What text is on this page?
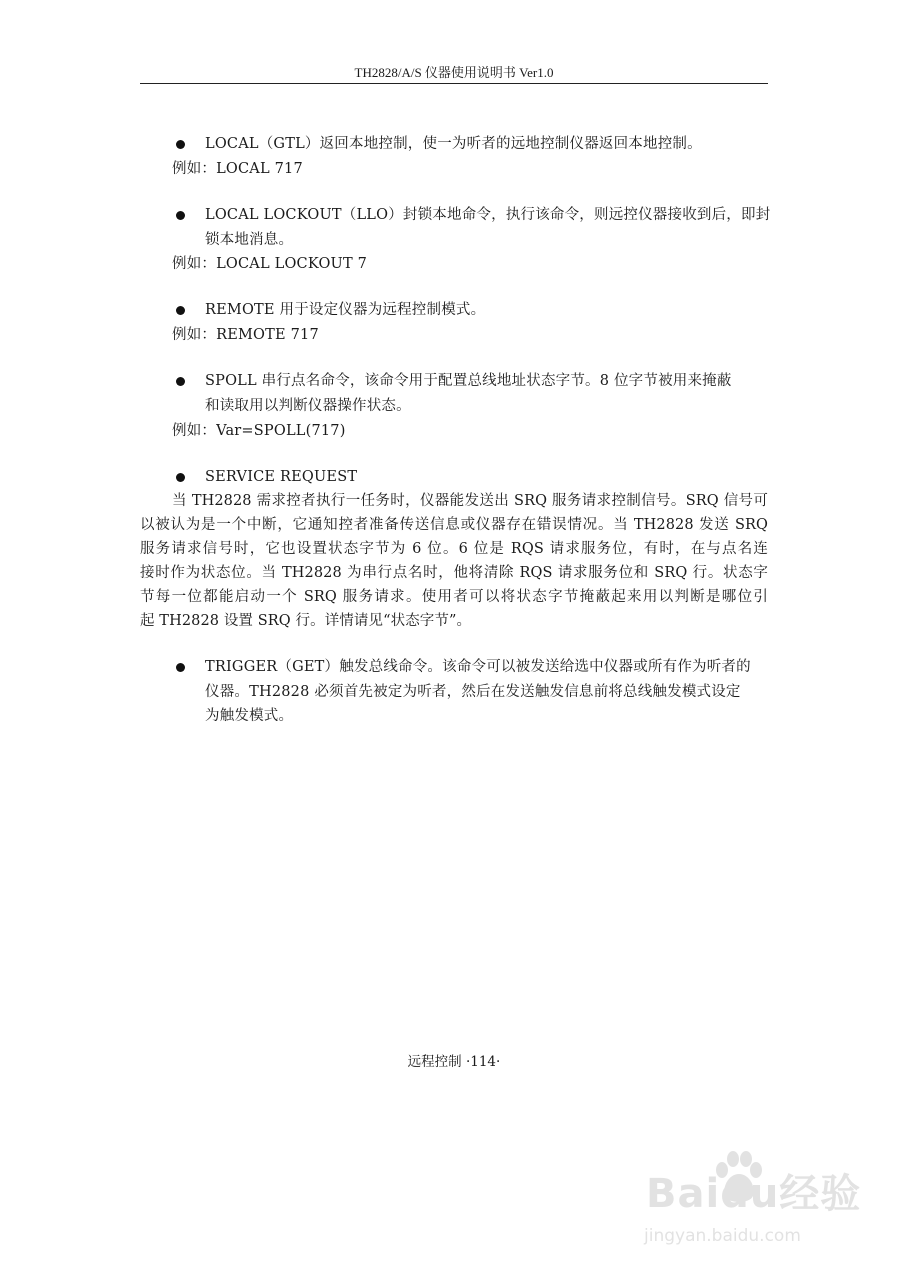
TH2828/A/S 仪器使用说明书 Ver1.0
LOCAL（GTL）返回本地控制，使一为听者的远地控制仪器返回本地控制。
例如：LOCAL 717
LOCAL LOCKOUT（LLO）封锁本地命令，执行该命令，则远控仪器接收到后，即封
锁本地消息。
例如：LOCAL LOCKOUT 7
REMOTE 用于设定仪器为远程控制模式。
例如：REMOTE 717
SPOLL 串行点名命令，该命令用于配置总线地址状态字节。8 位字节被用来掩蔽
和读取用以判断仪器操作状态。
例如：Var=SPOLL(717)
SERVICE REQUEST
当 TH2828 需求控者执行一任务时，仪器能发送出 SRQ 服务请求控制信号。SRQ 信号可
以被认为是一个中断，它通知控者准备传送信息或仪器存在错误情况。当 TH2828 发送 SRQ
服务请求信号时，它也设置状态字节为 6 位。6 位是 RQS 请求服务位，有时，在与点名连
接时作为状态位。当 TH2828 为串行点名时，他将清除 RQS 请求服务位和 SRQ 行。状态字
节每一位都能启动一个 SRQ 服务请求。使用者可以将状态字节掩蔽起来用以判断是哪位引
起 TH2828 设置 SRQ 行。详情请见“状态字节”。
TRIGGER（GET）触发总线命令。该命令可以被发送给选中仪器或所有作为听者的
仪器。TH2828 必须首先被定为听者，然后在发送触发信息前将总线触发模式设定
为触发模式。
远程控制 ·114·
Baidu经验
jingyan.baidu.com
